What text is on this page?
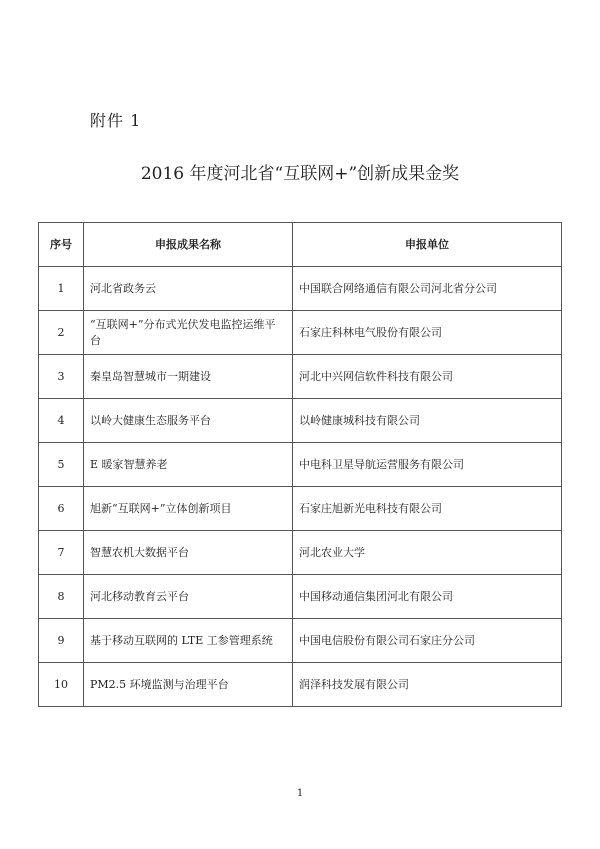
附件 1
2016 年度河北省“互联网+”创新成果金奖
序号	申报成果名称	申报单位
1	河北省政务云	中国联合网络通信有限公司河北省分公司
2	“互联网+”分布式光伏发电监控运维平台	石家庄科林电气股份有限公司
3	秦皇岛智慧城市一期建设	河北中兴网信软件科技有限公司
4	以岭大健康生态服务平台	以岭健康城科技有限公司
5	E 暖家智慧养老	中电科卫星导航运营服务有限公司
6	旭新“互联网+”立体创新项目	石家庄旭新光电科技有限公司
7	智慧农机大数据平台	河北农业大学
8	河北移动教育云平台	中国移动通信集团河北有限公司
9	基于移动互联网的 LTE 工参管理系统	中国电信股份有限公司石家庄分公司
10	PM2.5 环境监测与治理平台	润泽科技发展有限公司
1
